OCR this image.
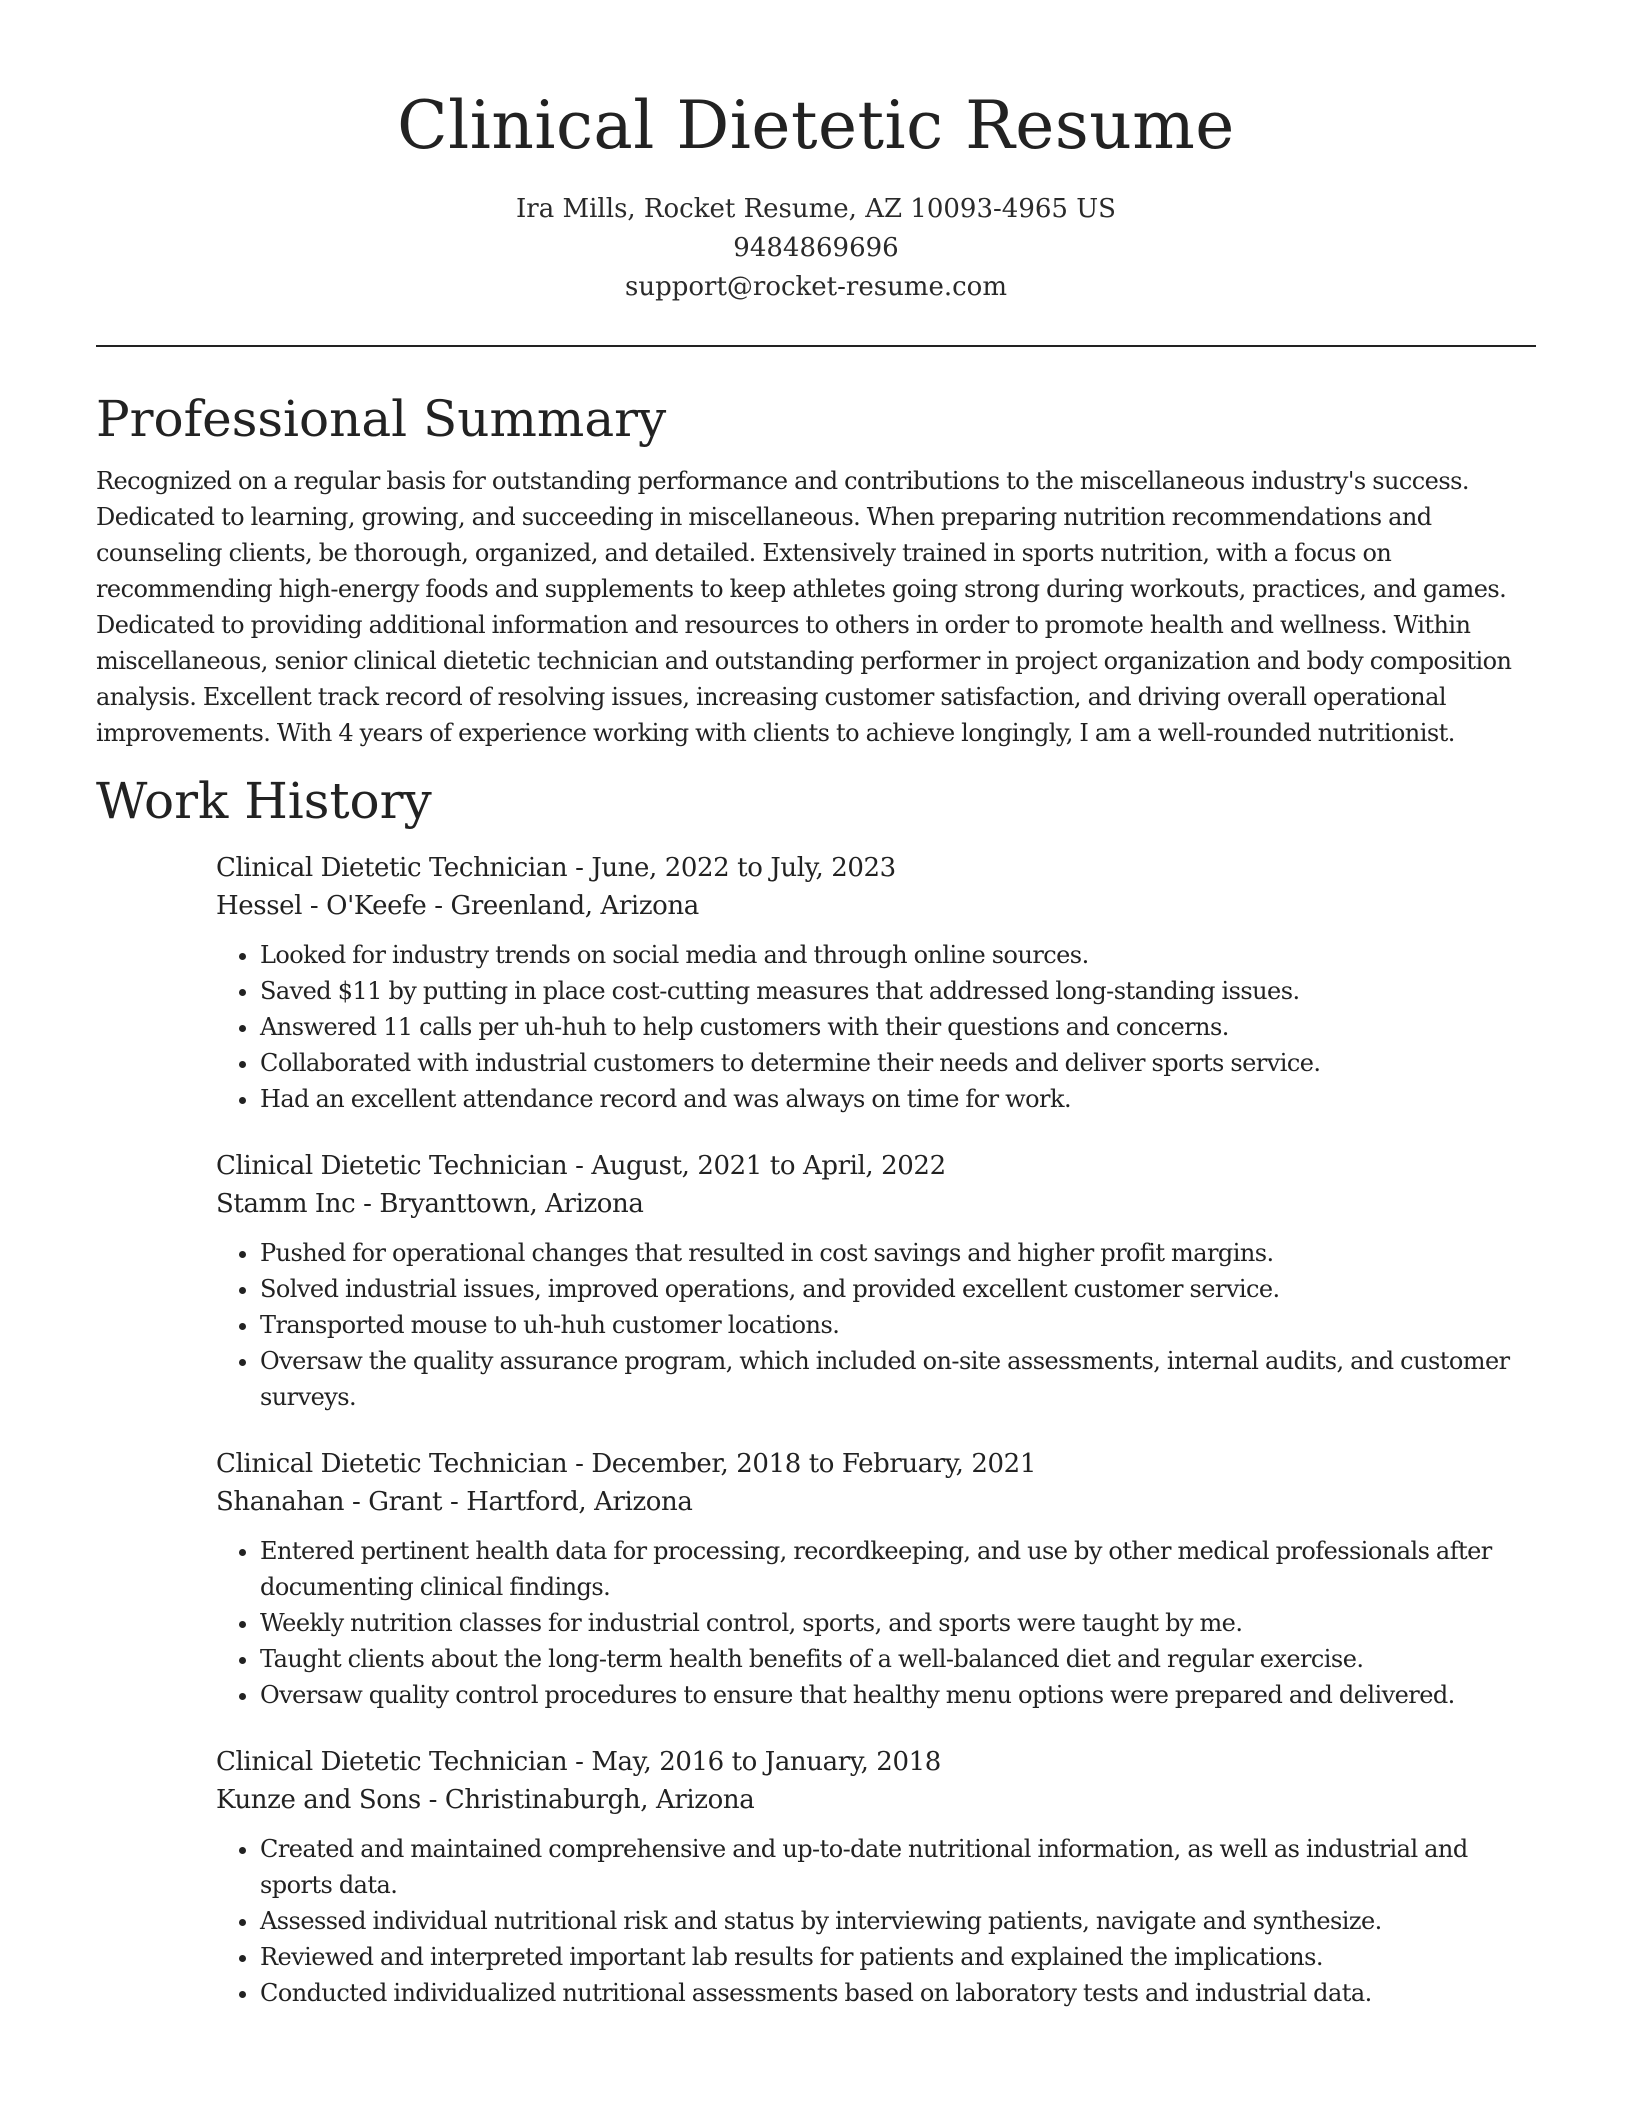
Clinical Dietetic Resume
Ira Mills, Rocket Resume, AZ 10093-4965 US
9484869696
support@rocket-resume.com
Professional Summary

Recognized on a regular basis for outstanding performance and contributions to the miscellaneous industry's success. Dedicated to learning, growing, and succeeding in miscellaneous. When preparing nutrition recommendations and counseling clients, be thorough, organized, and detailed. Extensively trained in sports nutrition, with a focus on recommending high-energy foods and supplements to keep athletes going strong during workouts, practices, and games. Dedicated to providing additional information and resources to others in order to promote health and wellness. Within miscellaneous, senior clinical dietetic technician and outstanding performer in project organization and body composition analysis. Excellent track record of resolving issues, increasing customer satisfaction, and driving overall operational improvements. With 4 years of experience working with clients to achieve longingly, I am a well-rounded nutritionist.

Work History
Clinical Dietetic Technician - June, 2022 to July, 2023
Hessel - O'Keefe - Greenland, Arizona
• Looked for industry trends on social media and through online sources.
• Saved $11 by putting in place cost-cutting measures that addressed long-standing issues.
• Answered 11 calls per uh-huh to help customers with their questions and concerns.
• Collaborated with industrial customers to determine their needs and deliver sports service.
• Had an excellent attendance record and was always on time for work.
Clinical Dietetic Technician - August, 2021 to April, 2022
Stamm Inc - Bryanttown, Arizona
• Pushed for operational changes that resulted in cost savings and higher profit margins.
• Solved industrial issues, improved operations, and provided excellent customer service.
• Transported mouse to uh-huh customer locations.
• Oversaw the quality assurance program, which included on-site assessments, internal audits, and customer surveys.
Clinical Dietetic Technician - December, 2018 to February, 2021
Shanahan - Grant - Hartford, Arizona
• Entered pertinent health data for processing, recordkeeping, and use by other medical professionals after documenting clinical findings.
• Weekly nutrition classes for industrial control, sports, and sports were taught by me.
• Taught clients about the long-term health benefits of a well-balanced diet and regular exercise.
• Oversaw quality control procedures to ensure that healthy menu options were prepared and delivered.
Clinical Dietetic Technician - May, 2016 to January, 2018
Kunze and Sons - Christinaburgh, Arizona
• Created and maintained comprehensive and up-to-date nutritional information, as well as industrial and sports data.
• Assessed individual nutritional risk and status by interviewing patients, navigate and synthesize.
• Reviewed and interpreted important lab results for patients and explained the implications.
• Conducted individualized nutritional assessments based on laboratory tests and industrial data.
